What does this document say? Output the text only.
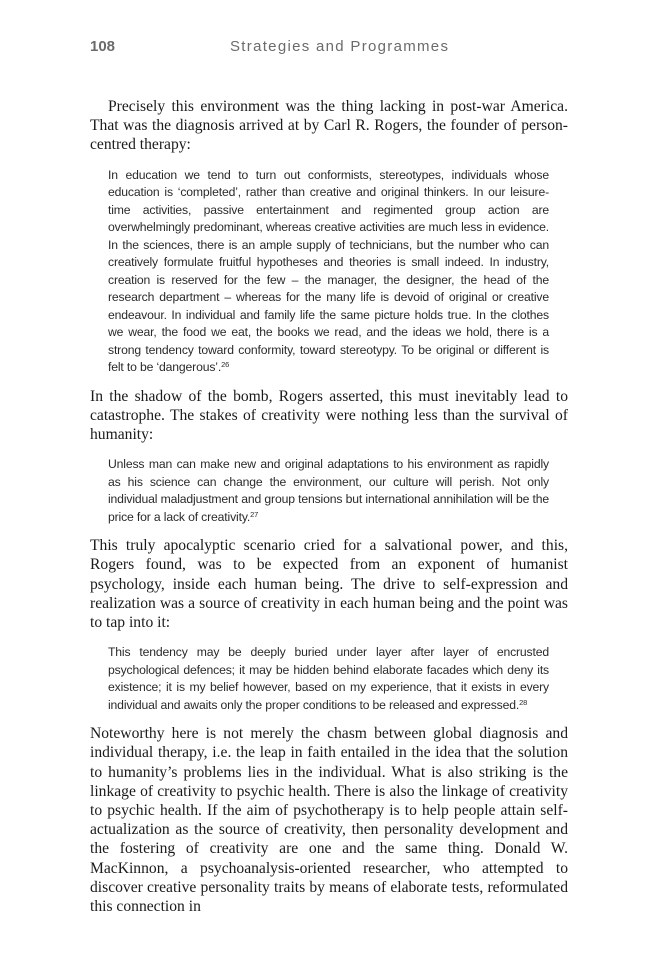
108	Strategies and Programmes

Precisely this environment was the thing lacking in post-war America. That was the diagnosis arrived at by Carl R. Rogers, the founder of person-centred therapy:

In education we tend to turn out conformists, stereotypes, individuals whose education is ‘completed’, rather than creative and original thinkers. In our leisure-time activities, passive entertainment and regimented group action are overwhelmingly predominant, whereas creative activities are much less in evidence. In the sciences, there is an ample supply of technicians, but the number who can creatively formulate fruitful hypotheses and theories is small indeed. In industry, creation is reserved for the few – the manager, the designer, the head of the research department – whereas for the many life is devoid of original or creative endeavour. In individual and family life the same picture holds true. In the clothes we wear, the food we eat, the books we read, and the ideas we hold, there is a strong tendency toward conformity, toward stereotypy. To be original or different is felt to be ‘dangerous’.$^{26}$

In the shadow of the bomb, Rogers asserted, this must inevitably lead to catastrophe. The stakes of creativity were nothing less than the survival of humanity:

Unless man can make new and original adaptations to his environment as rapidly as his science can change the environment, our culture will perish. Not only individual maladjustment and group tensions but international annihilation will be the price for a lack of creativity.$^{27}$

This truly apocalyptic scenario cried for a salvational power, and this, Rogers found, was to be expected from an exponent of humanist psychology, inside each human being. The drive to self-expression and realization was a source of creativity in each human being and the point was to tap into it:

This tendency may be deeply buried under layer after layer of encrusted psychological defences; it may be hidden behind elaborate facades which deny its existence; it is my belief however, based on my experience, that it exists in every individual and awaits only the proper conditions to be released and expressed.$^{28}$

Noteworthy here is not merely the chasm between global diagnosis and individual therapy, i.e. the leap in faith entailed in the idea that the solution to humanity’s problems lies in the individual. What is also striking is the linkage of creativity to psychic health. There is also the linkage of creativity to psychic health. If the aim of psychotherapy is to help people attain self-actualization as the source of creativity, then personality development and the fostering of creativity are one and the same thing. Donald W. MacKinnon, a psychoanalysis-oriented researcher, who attempted to discover creative personality traits by means of elaborate tests, reformulated this connection in
